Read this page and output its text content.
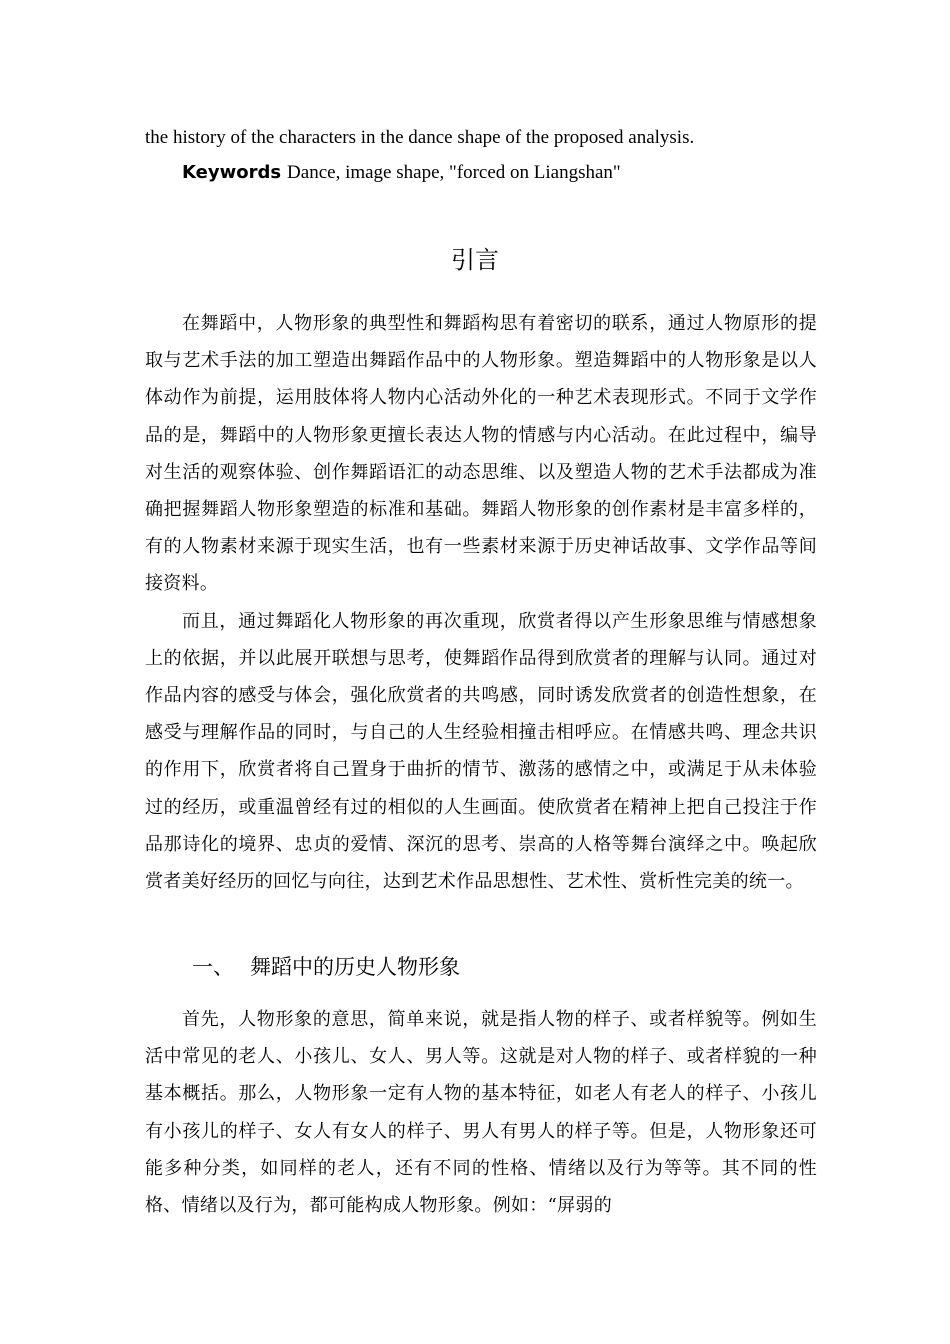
the history of the characters in the dance shape of the proposed analysis.
Keywords Dance, image shape, "forced on Liangshan"
引言

在舞蹈中，人物形象的典型性和舞蹈构思有着密切的联系，通过人物原形的提取与艺术手法的加工塑造出舞蹈作品中的人物形象。塑造舞蹈中的人物形象是以人体动作为前提，运用肢体将人物内心活动外化的一种艺术表现形式。不同于文学作品的是，舞蹈中的人物形象更擅长表达人物的情感与内心活动。在此过程中，编导对生活的观察体验、创作舞蹈语汇的动态思维、以及塑造人物的艺术手法都成为准确把握舞蹈人物形象塑造的标准和基础。舞蹈人物形象的创作素材是丰富多样的，有的人物素材来源于现实生活，也有一些素材来源于历史神话故事、文学作品等间接资料。

而且，通过舞蹈化人物形象的再次重现，欣赏者得以产生形象思维与情感想象上的依据，并以此展开联想与思考，使舞蹈作品得到欣赏者的理解与认同。通过对作品内容的感受与体会，强化欣赏者的共鸣感，同时诱发欣赏者的创造性想象，在感受与理解作品的同时，与自己的人生经验相撞击相呼应。在情感共鸣、理念共识的作用下，欣赏者将自己置身于曲折的情节、激荡的感情之中，或满足于从未体验过的经历，或重温曾经有过的相似的人生画面。使欣赏者在精神上把自己投注于作品那诗化的境界、忠贞的爱情、深沉的思考、崇高的人格等舞台演绎之中。唤起欣赏者美好经历的回忆与向往，达到艺术作品思想性、艺术性、赏析性完美的统一。

一、 舞蹈中的历史人物形象

首先，人物形象的意思，简单来说，就是指人物的样子、或者样貌等。例如生活中常见的老人、小孩儿、女人、男人等。这就是对人物的样子、或者样貌的一种基本概括。那么，人物形象一定有人物的基本特征，如老人有老人的样子、小孩儿有小孩儿的样子、女人有女人的样子、男人有男人的样子等。但是，人物形象还可能多种分类，如同样的老人，还有不同的性格、情绪以及行为等等。其不同的性格、情绪以及行为，都可能构成人物形象。例如：“屏弱的
